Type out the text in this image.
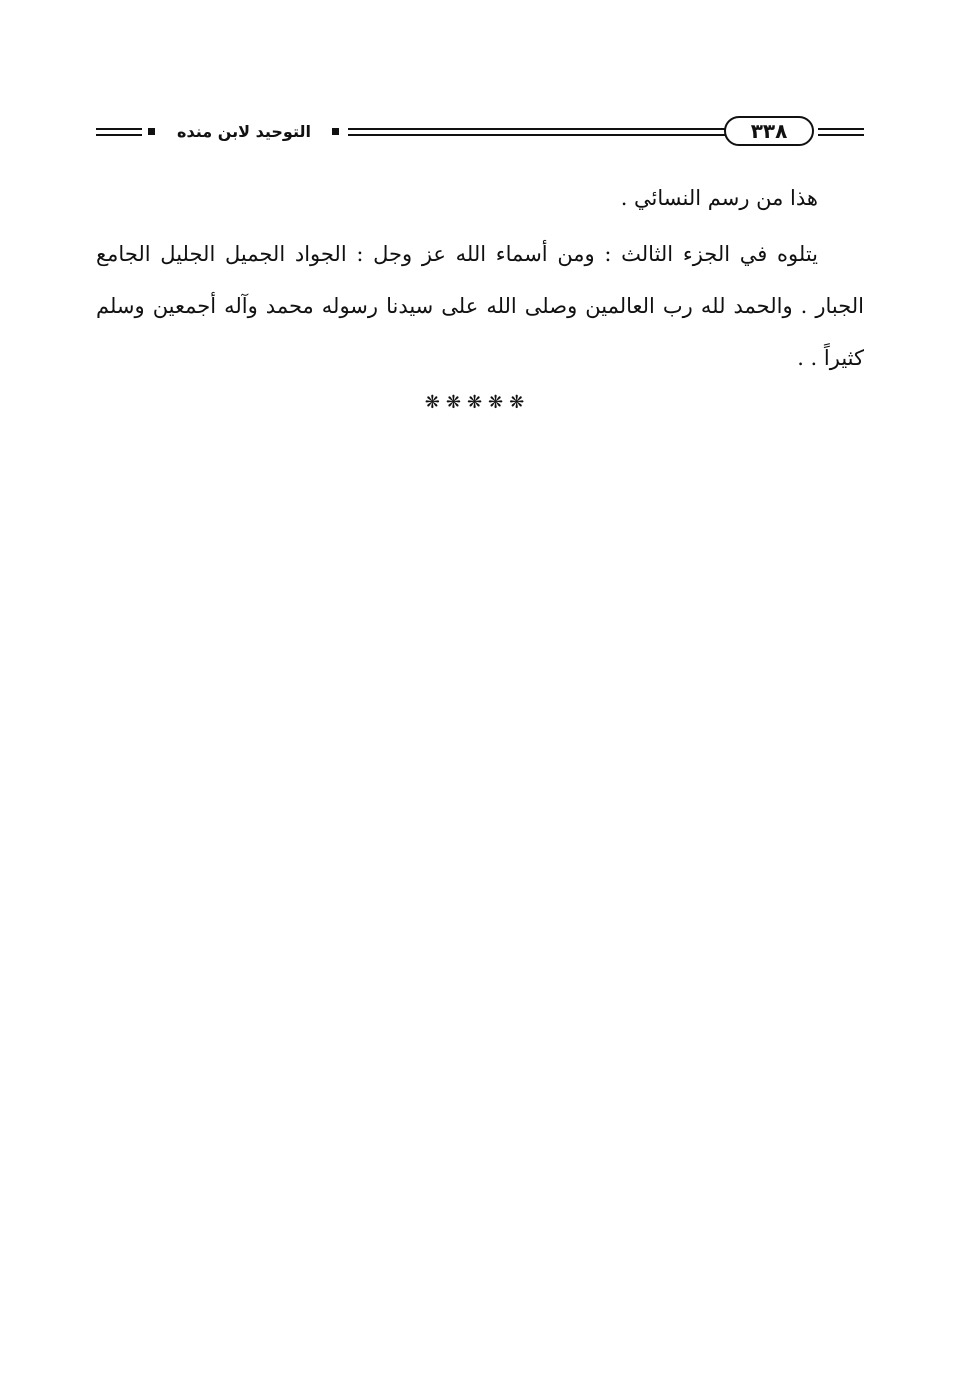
التوحيد لابن منده	٣٣٨

هذا من رسم النسائي .

يتلوه في الجزء الثالث : ومن أسماء الله عز وجل : الجواد الجميل الجليل الجامع الجبار . والحمد لله رب العالمين وصلى الله على سيدنا رسوله محمد وآله أجمعين وسلم كثيراً . .

❋❋❋❋❋
